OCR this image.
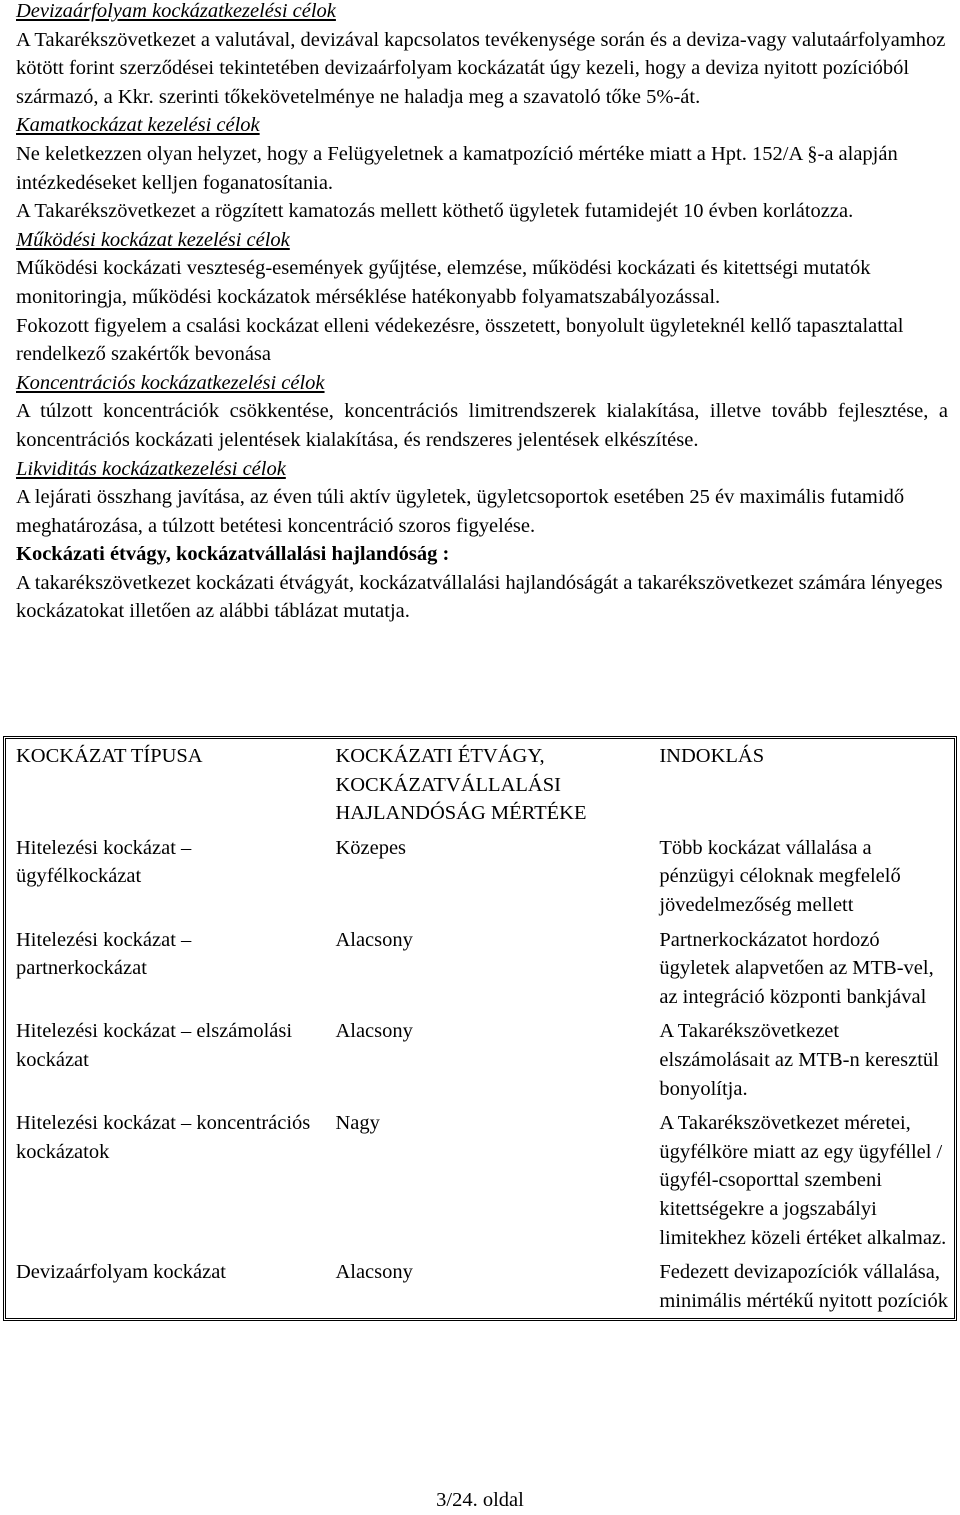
Devizaárfolyam kockázatkezelési célok

A Takarékszövetkezet a valutával, devizával kapcsolatos tevékenysége során és a deviza-vagy valutaárfolyamhoz kötött forint szerződései tekintetében devizaárfolyam kockázatát úgy kezeli, hogy a deviza nyitott pozícióból származó, a Kkr. szerinti tőkekövetelménye ne haladja meg a szavatoló tőke 5%-át.

Kamatkockázat kezelési célok

Ne keletkezzen olyan helyzet, hogy a Felügyeletnek a kamatpozíció mértéke miatt a Hpt. 152/A §-a alapján intézkedéseket kelljen foganatosítania.

A Takarékszövetkezet a rögzített kamatozás mellett köthető ügyletek futamidejét 10 évben korlátozza.

Működési kockázat kezelési célok

Működési kockázati veszteség-események gyűjtése, elemzése, működési kockázati és kitettségi mutatók monitoringja, működési kockázatok mérséklése hatékonyabb folyamatszabályozással.

Fokozott figyelem a csalási kockázat elleni védekezésre, összetett, bonyolult ügyleteknél kellő tapasztalattal rendelkező szakértők bevonása

Koncentrációs kockázatkezelési célok

A túlzott koncentrációk csökkentése, koncentrációs limitrendszerek kialakítása, illetve tovább fejlesztése, a koncentrációs kockázati jelentések kialakítása, és rendszeres jelentések elkészítése.

Likviditás kockázatkezelési célok

A lejárati összhang javítása, az éven túli aktív ügyletek, ügyletcsoportok esetében 25 év maximális futamidő meghatározása, a túlzott betétesi koncentráció szoros figyelése.

Kockázati étvágy, kockázatvállalási hajlandóság :

A takarékszövetkezet kockázati étvágyát, kockázatvállalási hajlandóságát a takarékszövetkezet számára lényeges kockázatokat illetően az alábbi táblázat mutatja.

KOCKÁZAT TÍPUSA	KOCKÁZATI ÉTVÁGY, KOCKÁZATVÁLLALÁSI HAJLANDÓSÁG MÉRTÉKE	INDOKLÁS
Hitelezési kockázat – ügyfélkockázat	Közepes	Több kockázat vállalása a pénzügyi céloknak megfelelő jövedelmezőség mellett
Hitelezési kockázat – partnerkockázat	Alacsony	Partnerkockázatot hordozó ügyletek alapvetően az MTB-vel, az integráció központi bankjával
Hitelezési kockázat – elszámolási kockázat	Alacsony	A Takarékszövetkezet elszámolásait az MTB-n keresztül bonyolítja.
Hitelezési kockázat – koncentrációs kockázatok	Nagy	A Takarékszövetkezet méretei, ügyfélköre miatt az egy ügyféllel / ügyfél-csoporttal szembeni kitettségekre a jogszabályi limitekhez közeli értéket alkalmaz.
Devizaárfolyam kockázat	Alacsony	Fedezett devizapozíciók vállalása, minimális mértékű nyitott pozíciók
3/24. oldal
